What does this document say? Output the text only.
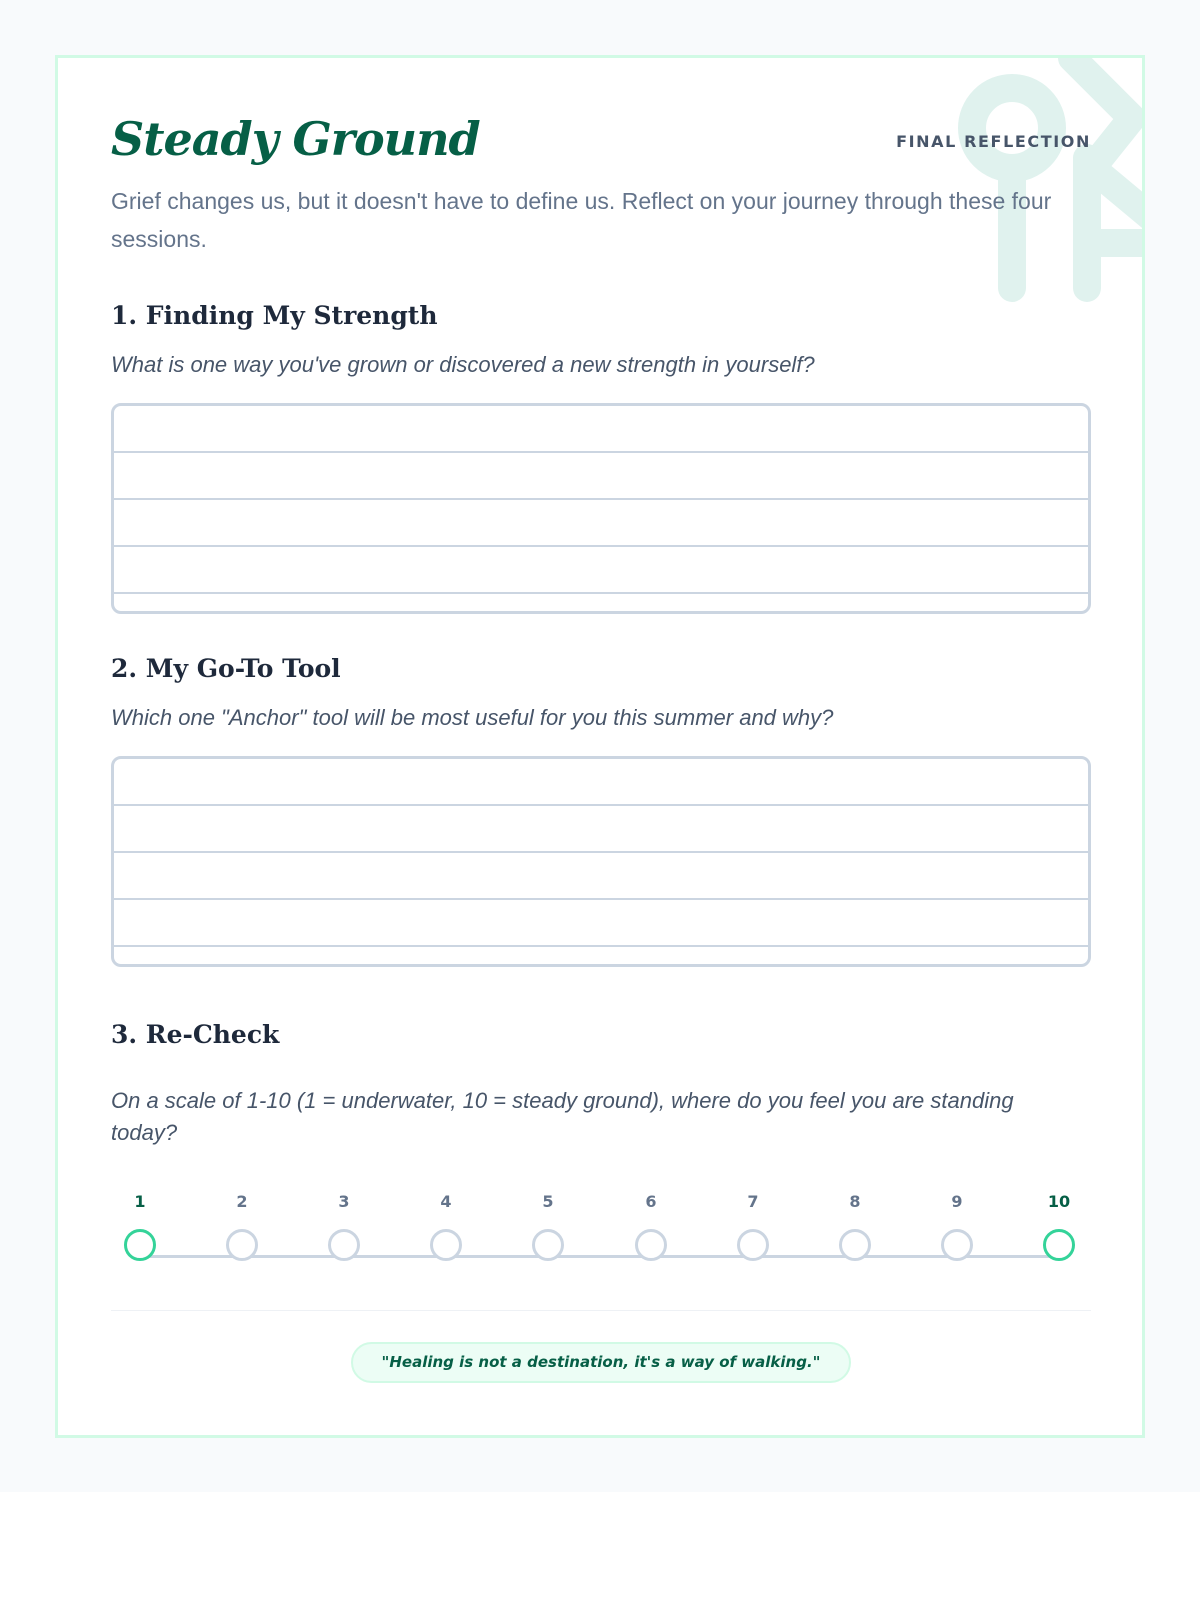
Steady Ground	FINAL REFLECTION

Grief changes us, but it doesn't have to define us. Reflect on your journey through these four sessions.

1. Finding My Strength

What is one way you've grown or discovered a new strength in yourself?

2. My Go-To Tool

Which one "Anchor" tool will be most useful for you this summer and why?

3. Re-Check

On a scale of 1-10 (1 = underwater, 10 = steady ground), where do you feel you are standing today?

1	2	3	4	5	6	7	8	9	10
"Healing is not a destination, it's a way of walking."
